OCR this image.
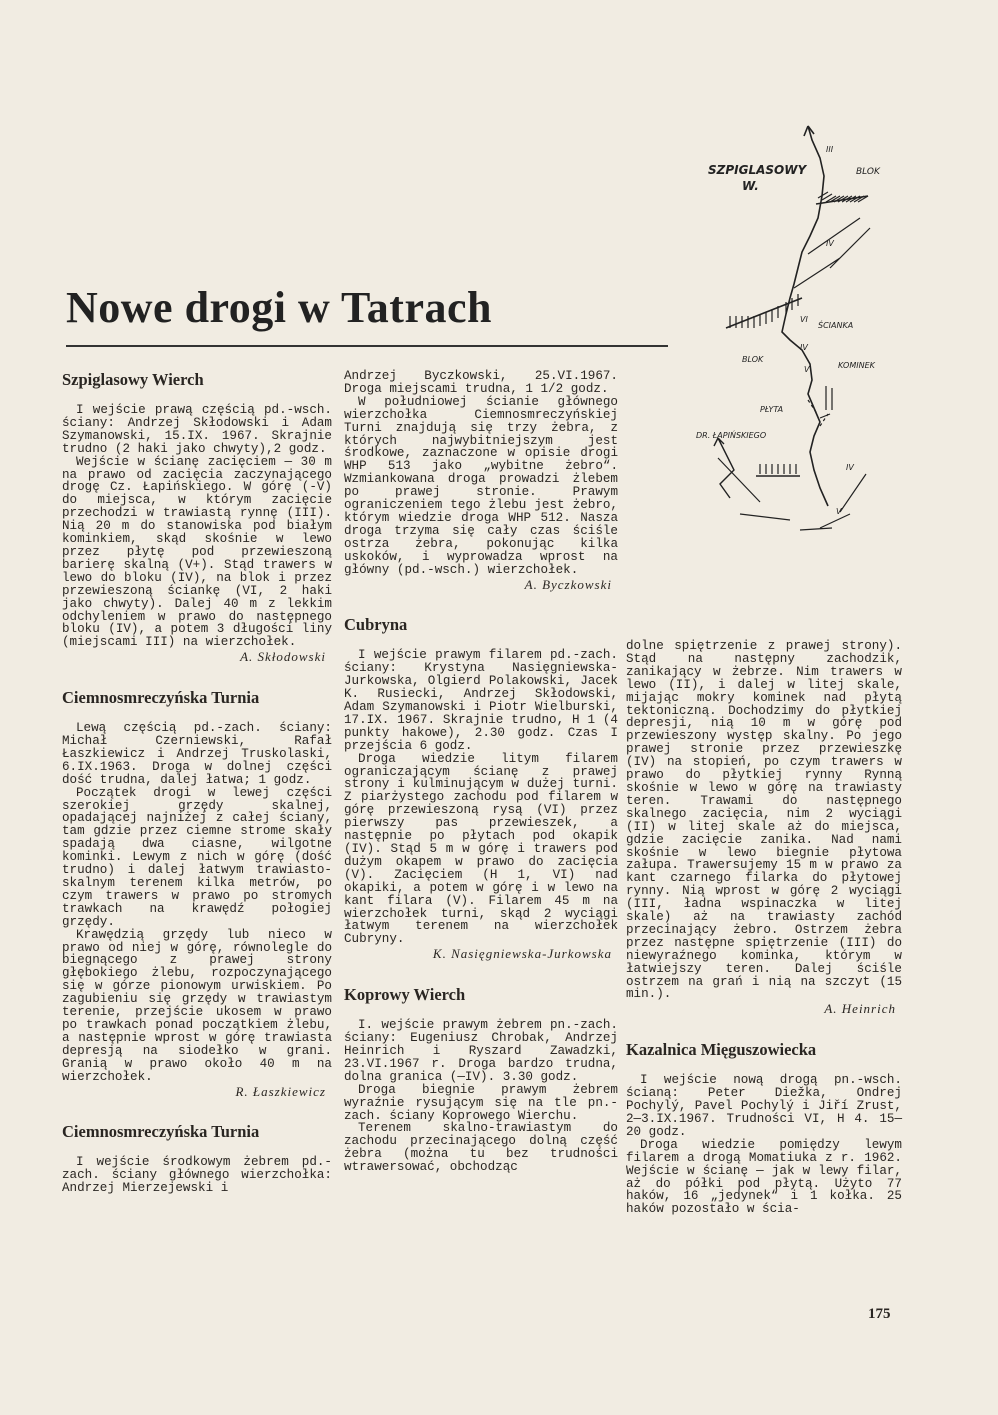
Nowe drogi w Tatrach
SZPIGLASOWY
W.
BLOK
ŚCIANKA
BLOK
KOMINEK
PŁYTA
DR. ŁAPIŃSKIEGO
III
IV
VI
IV
V
IV
V
Szpiglasowy Wierch

I wejście prawą częścią pd.-wsch. ściany: Andrzej Skłodowski i Adam Szymanowski, 15.IX. 1967. Skrajnie trudno (2 haki jako chwyty),2 godz.

Wejście w ścianę zacięciem — 30 m na prawo od zacięcia zaczynającego drogę Cz. Łapińskiego. W górę (-V) do miejsca, w którym zacięcie przechodzi w trawiastą rynnę (III). Nią 20 m do stanowiska pod białym kominkiem, skąd skośnie w lewo przez płytę pod przewieszoną barierę skalną (V+). Stąd trawers w lewo do bloku (IV), na blok i przez przewieszoną ściankę (VI, 2 haki jako chwyty). Dalej 40 m z lekkim odchyleniem w prawo do następnego bloku (IV), a potem 3 długości liny (miejscami III) na wierzchołek.

A. Skłodowski
Ciemnosmreczyńska Turnia

Lewą częścią pd.-zach. ściany: Michał Czerniewski, Rafał Łaszkiewicz i Andrzej Truskolaski, 6.IX.1963. Droga w dolnej części dość trudna, dalej łatwa; 1 godz.

Początek drogi w lewej części szerokiej grzędy skalnej, opadającej najniżej z całej ściany, tam gdzie przez ciemne strome skały spadają dwa ciasne, wilgotne kominki. Lewym z nich w górę (dość trudno) i dalej łatwym trawiasto-skalnym terenem kilka metrów, po czym trawers w prawo po stromych trawkach na krawędź połogiej grzędy.

Krawędzią grzędy lub nieco w prawo od niej w górę, równolegle do biegnącego z prawej strony głębokiego żlebu, rozpoczynającego się w górze pionowym urwiskiem. Po zagubieniu się grzędy w trawiastym terenie, przejście ukosem w prawo po trawkach ponad początkiem żlebu, a następnie wprost w górę trawiasta depresją na siodełko w grani. Granią w prawo około 40 m na wierzchołek.

R. Łaszkiewicz
Ciemnosmreczyńska Turnia

I wejście środkowym żebrem pd.-zach. ściany głównego wierzchołka: Andrzej Mierzejewski i

Andrzej Byczkowski, 25.VI.1967. Droga miejscami trudna, 1 1/2 godz.

W południowej ścianie głównego wierzchołka Ciemnosmreczyńskiej Turni znajdują się trzy żebra, z których najwybitniejszym jest środkowe, zaznaczone w opisie drogi WHP 513 jako „wybitne żebro“. Wzmiankowana droga prowadzi żlebem po prawej stronie. Prawym ograniczeniem tego żlebu jest żebro, którym wiedzie droga WHP 512. Nasza droga trzyma się cały czas ściśle ostrza żebra, pokonując kilka uskoków, i wyprowadza wprost na główny (pd.-wsch.) wierzchołek.

A. Byczkowski
Cubryna

I wejście prawym filarem pd.-zach. ściany: Krystyna Nasięgniewska-Jurkowska, Olgierd Polakowski, Jacek K. Rusiecki, Andrzej Skłodowski, Adam Szymanowski i Piotr Wielburski, 17.IX. 1967. Skrajnie trudno, H 1 (4 punkty hakowe), 2.30 godz. Czas I przejścia 6 godz.

Droga wiedzie litym filarem ograniczającym ścianę z prawej strony i kulminującym w dużej turni. Z piarżystego zachodu pod filarem w górę przewieszoną rysą (VI) przez pierwszy pas przewieszek, a następnie po płytach pod okapik (IV). Stąd 5 m w górę i trawers pod dużym okapem w prawo do zacięcia (V). Zacięciem (H 1, VI) nad okapiki, a potem w górę i w lewo na kant filara (V). Filarem 45 m na wierzchołek turni, skąd 2 wyciągi łatwym terenem na wierzchołek Cubryny.

K. Nasięgniewska-Jurkowska
Koprowy Wierch

I. wejście prawym żebrem pn.-zach. ściany: Eugeniusz Chrobak, Andrzej Heinrich i Ryszard Zawadzki, 23.VI.1967 r. Droga bardzo trudna, dolna granica (—IV). 3.30 godz.

Droga biegnie prawym żebrem wyraźnie rysującym się na tle pn.-zach. ściany Koprowego Wierchu.

Terenem skalno-trawiastym do zachodu przecinającego dolną część żebra (można tu bez trudności wtrawersować, obchodząc

dolne spiętrzenie z prawej strony). Stąd na następny zachodzik, zanikający w żebrze. Nim trawers w lewo (II), i dalej w litej skale, mijając mokry kominek nad płytą tektoniczną. Dochodzimy do płytkiej depresji, nią 10 m w górę pod przewieszony występ skalny. Po jego prawej stronie przez przewieszkę (IV) na stopień, po czym trawers w prawo do płytkiej rynny Rynną skośnie w lewo w górę na trawiasty teren. Trawami do następnego skalnego zacięcia, nim 2 wyciągi (II) w litej skale aż do miejsca, gdzie zacięcie zanika. Nad nami skośnie w lewo biegnie płytowa załupa. Trawersujemy 15 m w prawo za kant czarnego filarka do płytowej rynny. Nią wprost w górę 2 wyciągi (III, ładna wspinaczka w litej skale) aż na trawiasty zachód przecinający żebro. Ostrzem żebra przez następne spiętrzenie (III) do niewyraźnego kominka, którym w łatwiejszy teren. Dalej ściśle ostrzem na grań i nią na szczyt (15 min.).

A. Heinrich
Kazalnica Mięguszowiecka

I wejście nową drogą pn.-wsch. ścianą: Peter Diežka, Ondrej Pochylý, Pavel Pochylý i Jiří Zrust, 2—3.IX.1967. Trudności VI, H 4. 15—20 godz.

Droga wiedzie pomiędzy lewym filarem a drogą Momatiuka z r. 1962. Wejście w ścianę — jak w lewy filar, aż do półki pod płytą. Użyto 77 haków, 16 „jedynek“ i 1 kołka. 25 haków pozostało w ścia-

175
